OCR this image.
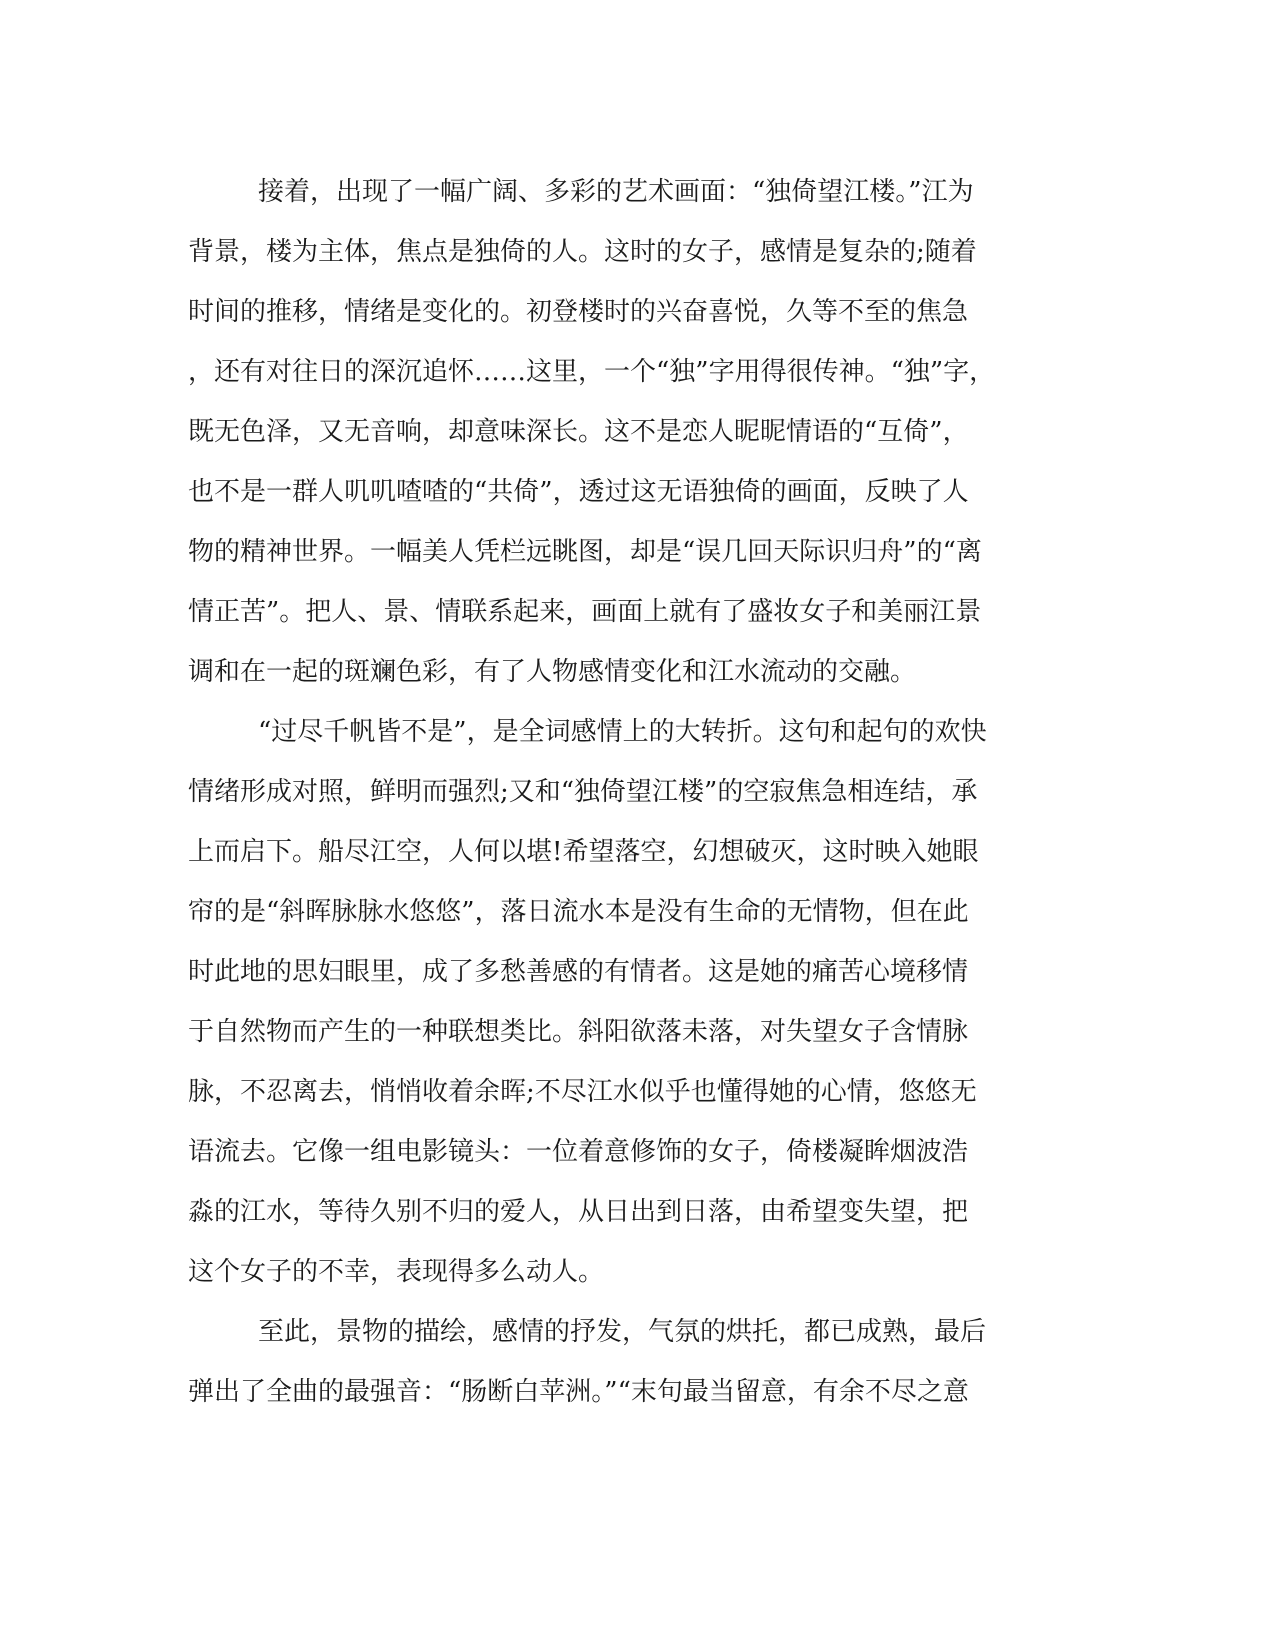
接着，出现了一幅广阔、多彩的艺术画面：“独倚望江楼。”江为
背景，楼为主体，焦点是独倚的人。这时的女子，感情是复杂的;随着
时间的推移，情绪是变化的。初登楼时的兴奋喜悦，久等不至的焦急
，还有对往日的深沉追怀……这里，一个“独”字用得很传神。“独”字，
既无色泽，又无音响，却意味深长。这不是恋人昵昵情语的“互倚”，
也不是一群人叽叽喳喳的“共倚”，透过这无语独倚的画面，反映了人
物的精神世界。一幅美人凭栏远眺图，却是“误几回天际识归舟”的“离
情正苦”。把人、景、情联系起来，画面上就有了盛妆女子和美丽江景
调和在一起的斑斓色彩，有了人物感情变化和江水流动的交融。
“过尽千帆皆不是”，是全词感情上的大转折。这句和起句的欢快
情绪形成对照，鲜明而强烈;又和“独倚望江楼”的空寂焦急相连结，承
上而启下。船尽江空，人何以堪!希望落空，幻想破灭，这时映入她眼
帘的是“斜晖脉脉水悠悠”，落日流水本是没有生命的无情物，但在此
时此地的思妇眼里，成了多愁善感的有情者。这是她的痛苦心境移情
于自然物而产生的一种联想类比。斜阳欲落未落，对失望女子含情脉
脉，不忍离去，悄悄收着余晖;不尽江水似乎也懂得她的心情，悠悠无
语流去。它像一组电影镜头：一位着意修饰的女子，倚楼凝眸烟波浩
淼的江水，等待久别不归的爱人，从日出到日落，由希望变失望，把
这个女子的不幸，表现得多么动人。
至此，景物的描绘，感情的抒发，气氛的烘托，都已成熟，最后
弹出了全曲的最强音：“肠断白苹洲。”“末句最当留意，有余不尽之意
